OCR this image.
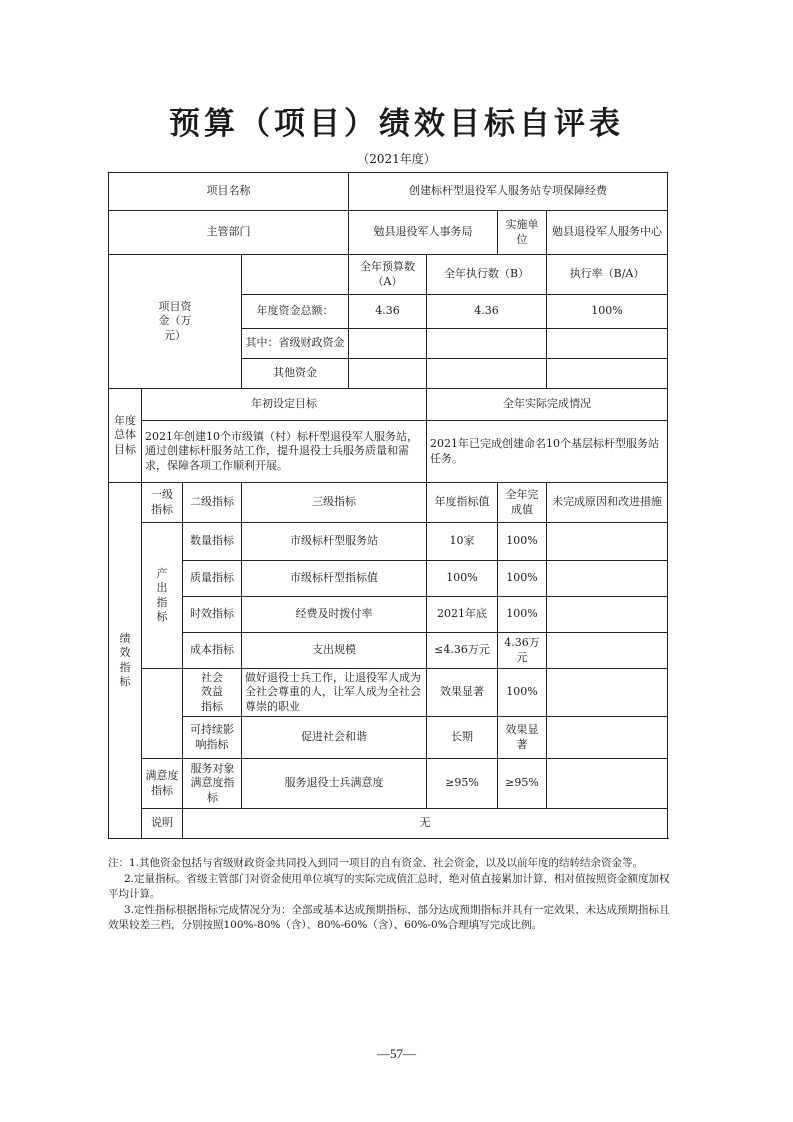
预算（项目）绩效目标自评表
（2021年度）
项目名称				创建标杆型退役军人服务站专项保障经费			
主管部门				勉县退役军人事务局		实施单位	勉县退役军人服务中心
项目资金（万元）				全年预算数（A）	全年执行数（B）		执行率（B/A）
			年度资金总额：	4.36	4.36		100%
			其中：省级财政资金				
			其他资金				
年度总体目标	年初设定目标				全年实际完成情况		
	2021年创建10个市级镇（村）标杆型退役军人服务站，通过创建标杆服务站工作，提升退役士兵服务质量和需求，保障各项工作顺利开展。				2021年已完成创建命名10个基层标杆型服务站任务。		
绩效指标	一级指标	二级指标	三级指标		年度指标值	全年完成值	未完成原因和改进措施
	产出指标	数量指标	市级标杆型服务站		10家	100%	
		质量指标	市级标杆型指标值		100%	100%	
		时效指标	经费及时拨付率		2021年底	100%	
		成本指标	支出规模		≤4.36万元	4.36万元	
	社会效益指标	做好退役士兵工作，让退役军人成为全社会尊重的人，让军人成为全社会尊崇的职业		效果显著	100%	
		可持续影响指标	促进社会和谐		长期	效果显著	
	满意度指标	服务对象满意度指标	服务退役士兵满意度		≥95%	≥95%	
	说明	无					

注：1.其他资金包括与省级财政资金共同投入到同一项目的自有资金、社会资金，以及以前年度的结转结余资金等。

2.定量指标。省级主管部门对资金使用单位填写的实际完成值汇总时，绝对值直接累加计算，相对值按照资金额度加权平均计算。

3.定性指标根据指标完成情况分为：全部或基本达成预期指标、部分达成预期指标并具有一定效果、未达成预期指标且效果较差三档，分别按照100%-80%（含）、80%-60%（含）、60%-0%合理填写完成比例。

—57—
